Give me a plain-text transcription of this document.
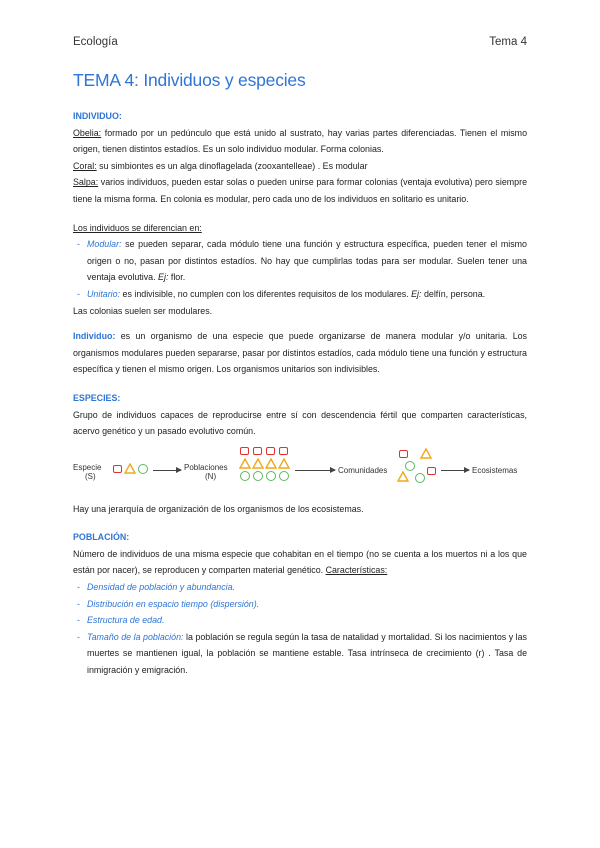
Ecología	Tema 4
TEMA 4: Individuos y especies

INDIVIDUO:

Obelia: formado por un pedúnculo que está unido al sustrato, hay varias partes diferenciadas. Tienen el mismo origen, tienen distintos estadíos. Es un solo individuo modular. Forma colonias.

Coral: su simbiontes es un alga dinoflagelada (zooxantelleae) . Es modular

Salpa: varios individuos, pueden estar solas o pueden unirse para formar colonias (ventaja evolutiva) pero siempre tiene la misma forma. En colonia es modular, pero cada uno de los individuos en solitario es unitario.

Los individuos se diferencian en:

- Modular: se pueden separar, cada módulo tiene una función y estructura específica, pueden tener el mismo origen o no, pasan por distintos estadíos. No hay que cumplirlas todas para ser modular. Suelen tener una ventaja evolutiva. Ej: flor.
- Unitario: es indivisible, no cumplen con los diferentes requisitos de los modulares. Ej: delfín, persona.

Las colonias suelen ser modulares.

Individuo: es un organismo de una especie que puede organizarse de manera modular y/o unitaria. Los organismos modulares pueden separarse, pasar por distintos estadíos, cada módulo tiene una función y estructura específica y tienen el mismo origen. Los organismos unitarios son indivisibles.

ESPECIES:

Grupo de individuos capaces de reproducirse entre sí con descendencia fértil que comparten características, acervo genético y un pasado evolutivo común.

Especie
(S)
Poblaciones
(N)
Comunidades	Ecosistemas

Hay una jerarquía de organización de los organismos de los ecosistemas.

POBLACIÓN:

Número de individuos de una misma especie que cohabitan en el tiempo (no se cuenta a los muertos ni a los que están por nacer), se reproducen y comparten material genético. Características:

- Densidad de población y abundancia.
- Distribución en espacio tiempo (dispersión).
- Estructura de edad.
- Tamaño de la población: la población se regula según la tasa de natalidad y mortalidad. Si los nacimientos y las muertes se mantienen igual, la población se mantiene estable. Tasa intrínseca de crecimiento (r) . Tasa de inmigración y emigración.
